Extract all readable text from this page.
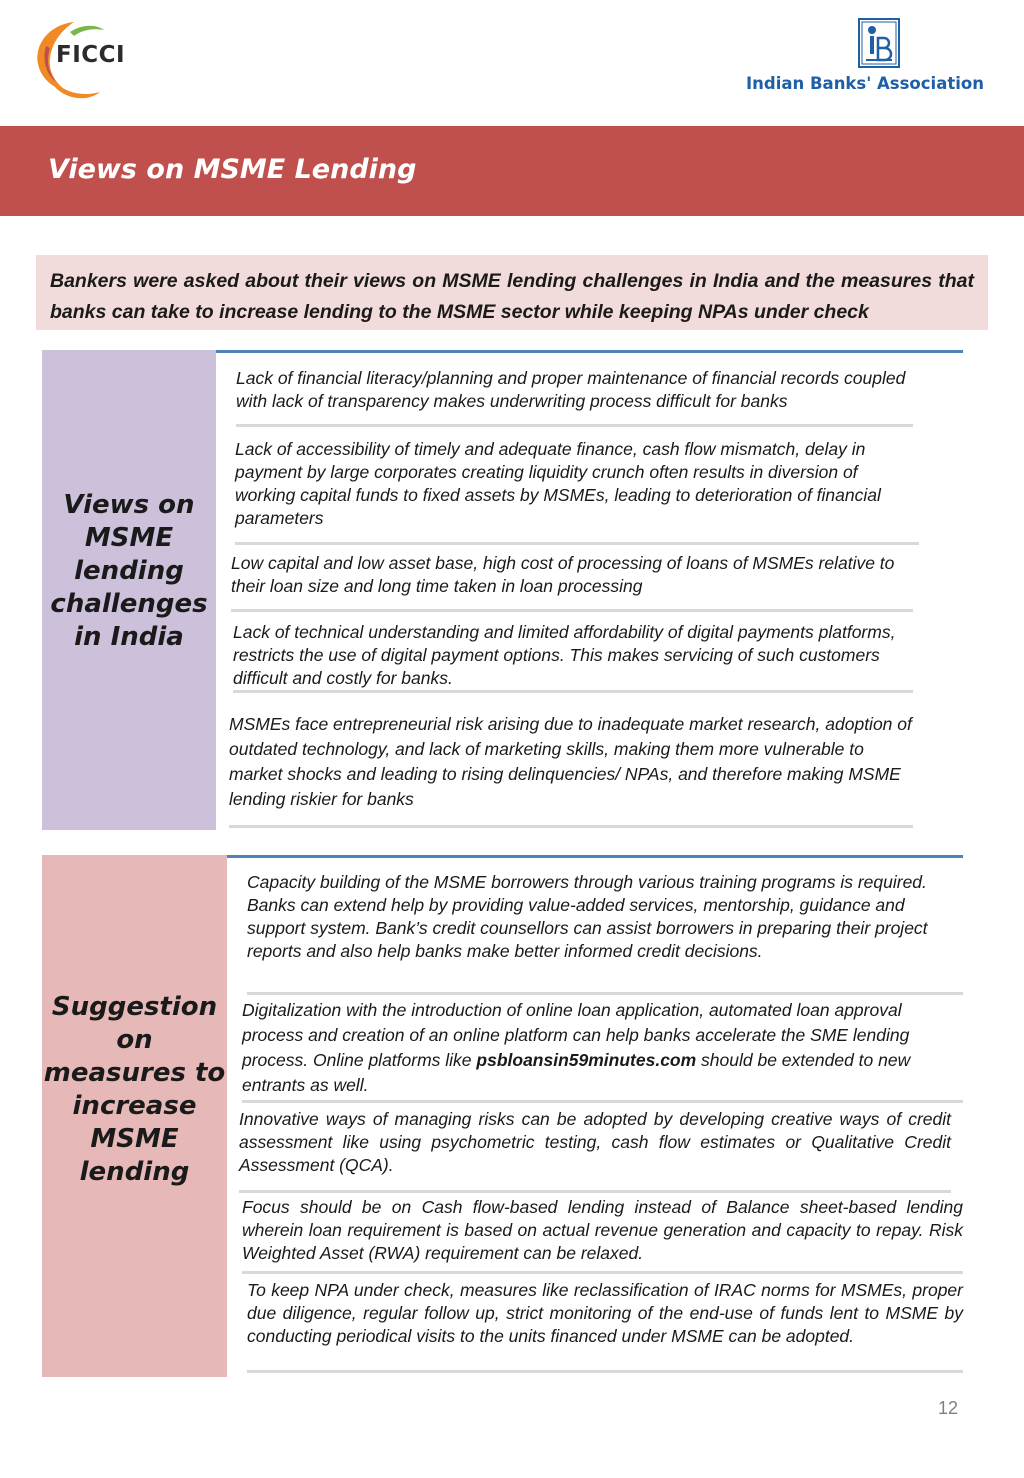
FICCI
Indian Banks' Association
Views on MSME Lending

Bankers were asked about their views on MSME lending challenges in India and the measures that banks can take to increase lending to the MSME sector while keeping NPAs under check

Views on MSME lending challenges in India
Lack of financial literacy/planning and proper maintenance of financial records coupled with lack of transparency makes underwriting process difficult for banks
Lack of accessibility of timely and adequate finance, cash flow mismatch, delay in payment by large corporates creating liquidity crunch often results in diversion of working capital funds to fixed assets by MSMEs, leading to deterioration of financial parameters
Low capital and low asset base, high cost of processing of loans of MSMEs relative to their loan size and long time taken in loan processing
Lack of technical understanding and limited affordability of digital payments platforms, restricts the use of digital payment options. This makes servicing of such customers difficult and costly for banks.
MSMEs face entrepreneurial risk arising due to inadequate market research, adoption of outdated technology, and lack of marketing skills, making them more vulnerable to market shocks and leading to rising delinquencies/ NPAs, and therefore making MSME lending riskier for banks
Suggestion on measures to increase MSME lending
Capacity building of the MSME borrowers through various training programs is required. Banks can extend help by providing value-added services, mentorship, guidance and support system. Bank’s credit counsellors can assist borrowers in preparing their project reports and also help banks make better informed credit decisions.
Digitalization with the introduction of online loan application, automated loan approval process and creation of an online platform can help banks accelerate the SME lending process. Online platforms like psbloansin59minutes.com should be extended to new entrants as well.
Innovative ways of managing risks can be adopted by developing creative ways of credit assessment like using psychometric testing, cash flow estimates or Qualitative Credit Assessment (QCA).
Focus should be on Cash flow-based lending instead of Balance sheet-based lending wherein loan requirement is based on actual revenue generation and capacity to repay. Risk Weighted Asset (RWA) requirement can be relaxed.
To keep NPA under check, measures like reclassification of IRAC norms for MSMEs, proper due diligence, regular follow up, strict monitoring of the end-use of funds lent to MSME by conducting periodical visits to the units financed under MSME can be adopted.
12
